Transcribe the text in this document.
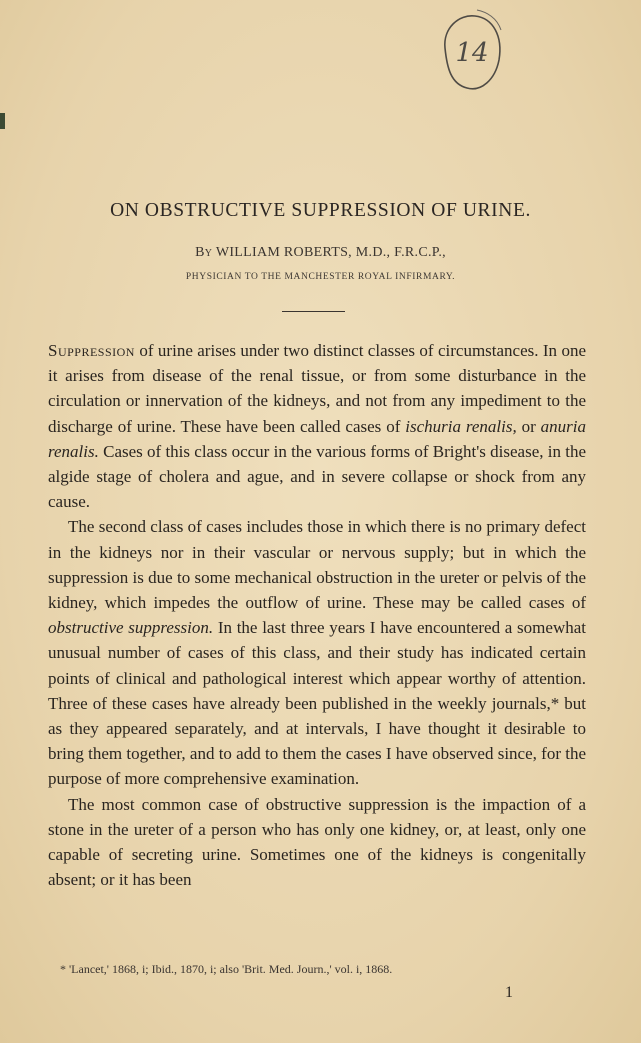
14
ON OBSTRUCTIVE SUPPRESSION OF URINE.
By WILLIAM ROBERTS, M.D., F.R.C.P.,
PHYSICIAN TO THE MANCHESTER ROYAL INFIRMARY.

Suppression of urine arises under two distinct classes of circumstances. In one it arises from disease of the renal tissue, or from some disturbance in the circulation or innervation of the kidneys, and not from any impediment to the discharge of urine. These have been called cases of ischuria renalis, or anuria renalis. Cases of this class occur in the various forms of Bright's disease, in the algide stage of cholera and ague, and in severe collapse or shock from any cause.

The second class of cases includes those in which there is no primary defect in the kidneys nor in their vascular or nervous supply; but in which the suppression is due to some mechanical obstruction in the ureter or pelvis of the kidney, which impedes the outflow of urine. These may be called cases of obstructive suppression. In the last three years I have encountered a somewhat unusual number of cases of this class, and their study has indicated certain points of clinical and pathological interest which appear worthy of attention. Three of these cases have already been published in the weekly journals,* but as they appeared separately, and at intervals, I have thought it desirable to bring them together, and to add to them the cases I have observed since, for the purpose of more comprehensive examination.

The most common case of obstructive suppression is the impaction of a stone in the ureter of a person who has only one kidney, or, at least, only one capable of secreting urine. Sometimes one of the kidneys is congenitally absent; or it has been

* 'Lancet,' 1868, i; Ibid., 1870, i; also 'Brit. Med. Journ.,' vol. i, 1868.
1
